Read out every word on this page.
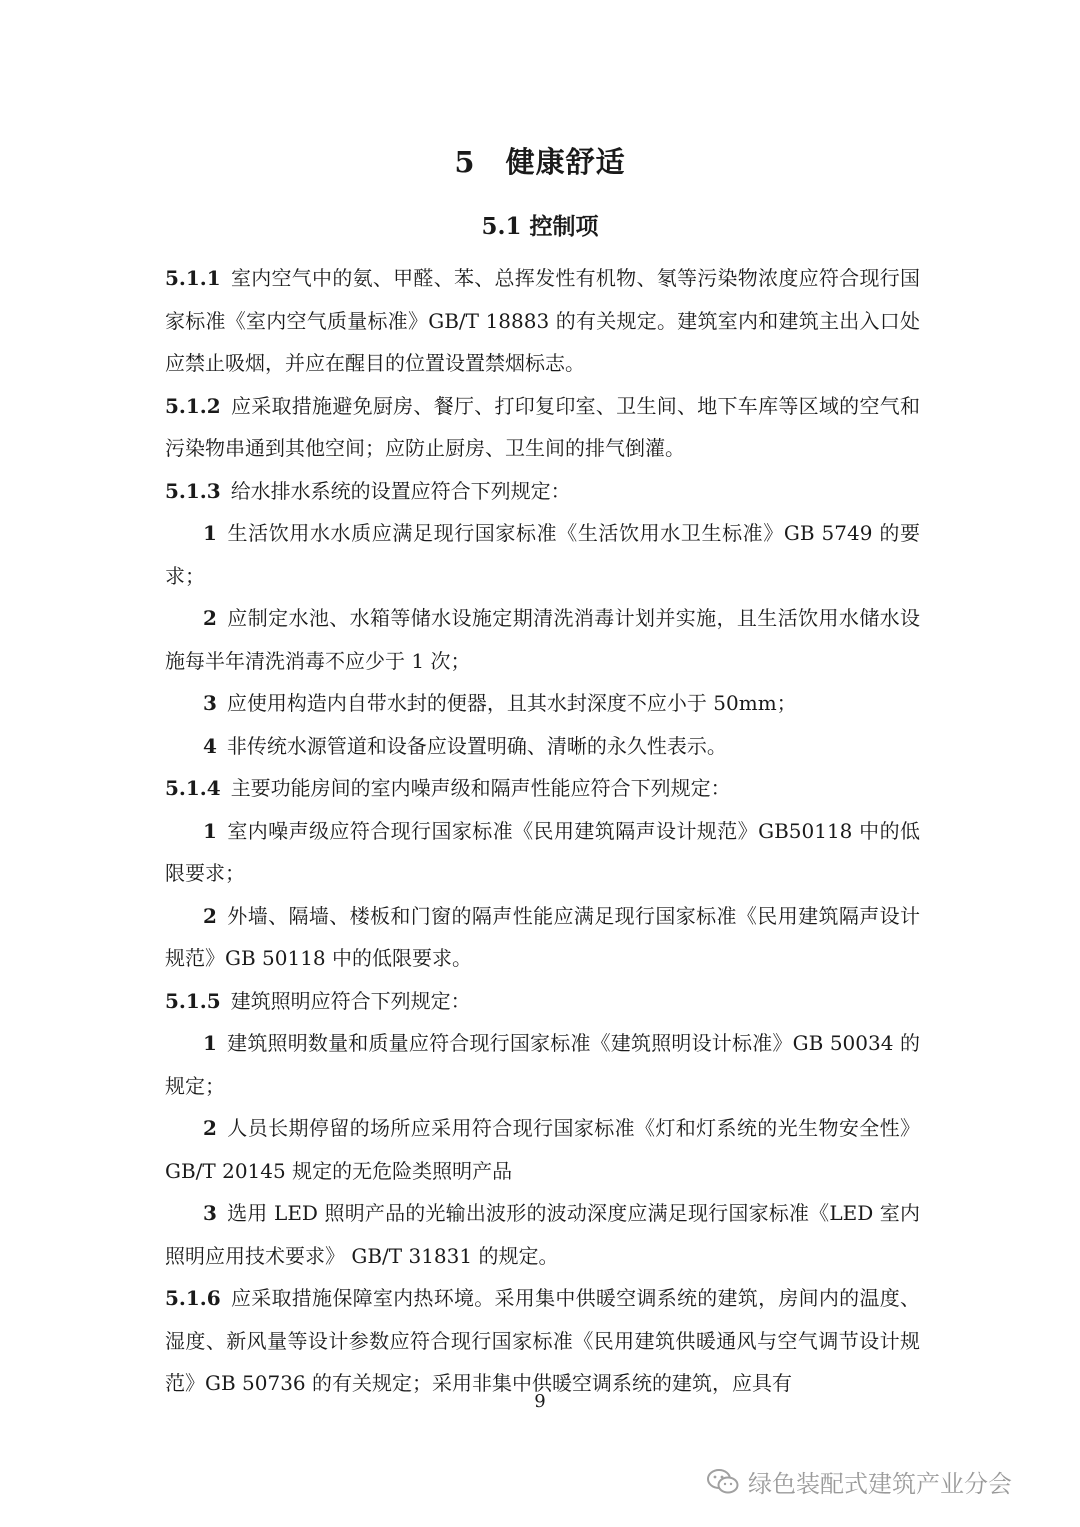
5　健康舒适
5.1 控制项

5.1.1 室内空气中的氨、甲醛、苯、总挥发性有机物、氡等污染物浓度应符合现行国家标准《室内空气质量标准》GB/T 18883 的有关规定。建筑室内和建筑主出入口处应禁止吸烟，并应在醒目的位置设置禁烟标志。

5.1.2 应采取措施避免厨房、餐厅、打印复印室、卫生间、地下车库等区域的空气和污染物串通到其他空间；应防止厨房、卫生间的排气倒灌。

5.1.3 给水排水系统的设置应符合下列规定：

1 生活饮用水水质应满足现行国家标准《生活饮用水卫生标准》GB 5749 的要求；

2 应制定水池、水箱等储水设施定期清洗消毒计划并实施，且生活饮用水储水设施每半年清洗消毒不应少于 1 次；

3 应使用构造内自带水封的便器，且其水封深度不应小于 50mm；

4 非传统水源管道和设备应设置明确、清晰的永久性表示。

5.1.4 主要功能房间的室内噪声级和隔声性能应符合下列规定：

1 室内噪声级应符合现行国家标准《民用建筑隔声设计规范》GB50118 中的低限要求；

2 外墙、隔墙、楼板和门窗的隔声性能应满足现行国家标准《民用建筑隔声设计规范》GB 50118 中的低限要求。

5.1.5 建筑照明应符合下列规定：

1 建筑照明数量和质量应符合现行国家标准《建筑照明设计标准》GB 50034 的规定；

2 人员长期停留的场所应采用符合现行国家标准《灯和灯系统的光生物安全性》GB/T 20145 规定的无危险类照明产品

3 选用 LED 照明产品的光输出波形的波动深度应满足现行国家标准《LED 室内照明应用技术要求》 GB/T 31831 的规定。

5.1.6 应采取措施保障室内热环境。采用集中供暖空调系统的建筑，房间内的温度、湿度、新风量等设计参数应符合现行国家标准《民用建筑供暖通风与空气调节设计规范》GB 50736 的有关规定；采用非集中供暖空调系统的建筑，应具有

9
绿色装配式建筑产业分会
